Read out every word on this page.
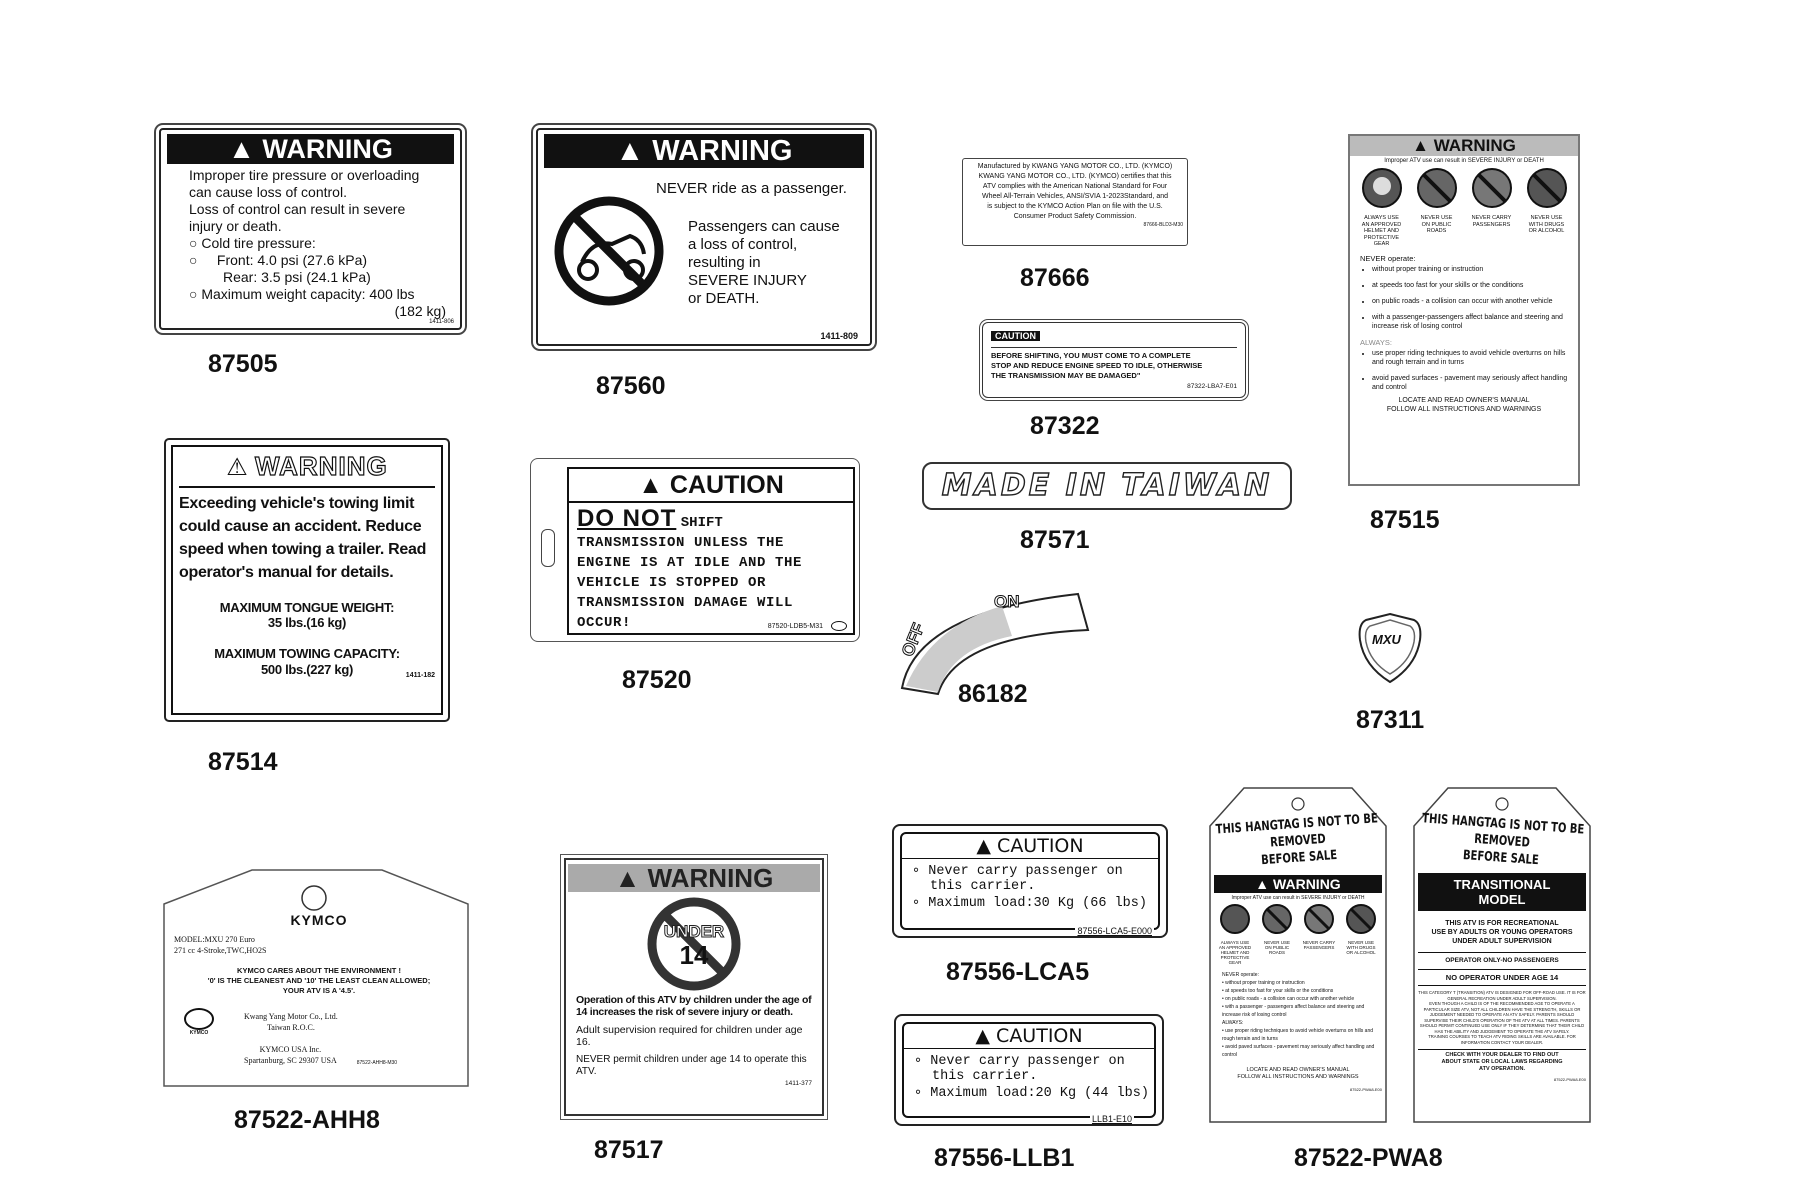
▲ WARNING
Improper tire pressure or overloading
can cause loss of control.
Loss of control can result in severe
injury or death.
○ Cold tire pressure:
○     Front: 4.0 psi (27.6 kPa)
Rear: 3.5 psi (24.1 kPa)
○ Maximum weight capacity: 400 lbs
(182 kg)
1411-806
87505
▲ WARNING
NEVER ride as a passenger.
Passengers can cause
a loss of control,
resulting in
SEVERE INJURY
or DEATH.
1411-809
87560
Manufactured by KWANG YANG MOTOR CO., LTD. (KYMCO)
KWANG YANG MOTOR CO., LTD. (KYMCO) certifies that this
ATV complies with the American National Standard for Four
Wheel All-Terrain Vehicles, ANSI/SVIA 1-2023Standard, and
is subject to the KYMCO Action Plan on file with the U.S.
Consumer Product Safety Commission.
87666-BLD3-M30
87666
CAUTION
BEFORE SHIFTING, YOU MUST COME TO A COMPLETE
STOP AND REDUCE ENGINE SPEED TO IDLE, OTHERWISE
THE TRANSMISSION MAY BE DAMAGED"
87322-LBA7-E01
87322
MADE IN TAIWAN
87571
▲ WARNING
Improper ATV use can result in SEVERE INJURY or DEATH
ALWAYS USE
AN APPROVED
HELMET AND
PROTECTIVE
GEAR
NEVER USE
ON PUBLIC
ROADS
NEVER CARRY
PASSENGERS
NEVER USE
WITH DRUGS
OR ALCOHOL
NEVER operate:
• without proper training or instruction
• at speeds too fast for your skills or the conditions
• on public roads - a collision can occur with another vehicle
• with a passenger-passengers affect balance and steering and increase risk of losing control
ALWAYS:
• use proper riding techniques to avoid vehicle overturns on hills and rough terrain and in turns
• avoid paved surfaces - pavement may seriously affect handling and control
LOCATE AND READ OWNER'S MANUAL
FOLLOW ALL INSTRUCTIONS AND WARNINGS
87515
⚠ WARNING
Exceeding vehicle's towing limit could cause an accident. Reduce speed when towing a trailer. Read operator's manual for details.
MAXIMUM TONGUE WEIGHT:
35 lbs.(16 kg)
MAXIMUM TOWING CAPACITY:
500 lbs.(227 kg)	1411-182
87514
▲ CAUTION
DO NOT SHIFT
TRANSMISSION UNLESS THE
ENGINE IS AT IDLE AND THE
VEHICLE IS STOPPED OR
TRANSMISSION DAMAGE WILL
OCCUR!	87520-LDB5-M31
87520
ON
OFF
86182
MXU
87311
KYMCO
MODEL:MXU 270 Euro
271 cc 4-Stroke,TWC,HO2S
KYMCO CARES ABOUT THE ENVIRONMENT !
'0' IS THE CLEANEST AND '10' THE LEAST CLEAN ALLOWED;
YOUR ATV IS A '4.5'.
KYMCO
Kwang Yang Motor Co., Ltd.
Taiwan R.O.C.
KYMCO USA Inc.
Spartanburg, SC 29307 USA	87522-AHH8-M30
87522-AHH8
▲ WARNING
UNDER
14
Operation of this ATV by children under the age of 14 increases the risk of severe injury or death.
Adult supervision required for children under age 16.
NEVER permit children under age 14 to operate this ATV.
1411-377
87517
▲ CAUTION
∘ Never carry passenger on
this carrier.
∘ Maximum load:30 Kg (66 lbs)
87556-LCA5-E000
87556-LCA5
▲ CAUTION
∘ Never carry passenger on
this carrier.
∘ Maximum load:20 Kg (44 lbs)
LLB1-E10
87556-LLB1
THIS HANGTAG IS NOT TO BE REMOVED
BEFORE SALE
▲ WARNING
Improper ATV use can result in SEVERE INJURY or DEATH
ALWAYS USE
AN APPROVED
HELMET AND
PROTECTIVE
GEAR
NEVER USE
ON PUBLIC
ROADS
NEVER CARRY
PASSENGERS
NEVER USE
WITH DRUGS
OR ALCOHOL
NEVER operate:
• without proper training or instruction
• at speeds too fast for your skills or the conditions
• on public roads - a collision can occur with another vehicle
• with a passenger - passengers affect balance and steering and increase risk of losing control
ALWAYS:
• use proper riding techniques to avoid vehicle overturns on hills and rough terrain and in turns
• avoid paved surfaces - pavement may seriously affect handling and control
LOCATE AND READ OWNER'S MANUAL
FOLLOW ALL INSTRUCTIONS AND WARNINGS
87522-PWA8-E00
THIS HANGTAG IS NOT TO BE REMOVED
BEFORE SALE
TRANSITIONAL
MODEL
THIS ATV IS FOR RECREATIONAL
USE BY ADULTS OR YOUNG OPERATORS
UNDER ADULT SUPERVISION
OPERATOR ONLY-NO PASSENGERS
NO OPERATOR UNDER AGE 14
THIS CATEGORY T (TRANSITION) ATV IS DESIGNED FOR OFF-ROAD USE. IT IS FOR GENERAL RECREATION UNDER ADULT SUPERVISION.
EVEN THOUGH A CHILD IS OF THE RECOMMENDED AGE TO OPERATE A PARTICULAR SIZE ATV, NOT ALL CHILDREN HAVE THE STRENGTH, SKILLS OR JUDGEMENT NEEDED TO OPERATE AN ATV SAFELY. PARENTS SHOULD SUPERVISE THEIR CHILD'S OPERATION OF THE ATV AT ALL TIMES. PARENTS SHOULD PERMIT CONTINUED USE ONLY IF THEY DETERMINE THAT THEIR CHILD HAS THE ABILITY AND JUDGEMENT TO OPERATE THE ATV SAFELY.
TRAINING COURSES TO TEACH ATV RIDING SKILLS ARE AVAILABLE. FOR INFORMATION CONTACT YOUR DEALER.
CHECK WITH YOUR DEALER TO FIND OUT
ABOUT STATE OR LOCAL LAWS REGARDING
ATV OPERATION.
87522-PWA8-E00
87522-PWA8
